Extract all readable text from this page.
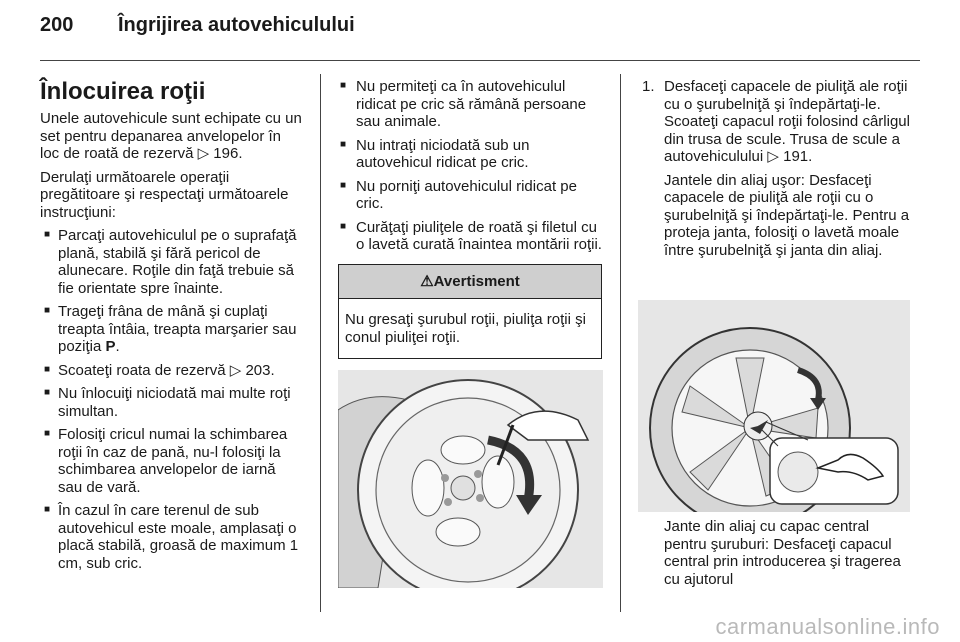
200 Îngrijirea autovehiculului
Înlocuirea roţii

Unele autovehicule sunt echipate cu un set pentru depanarea anvelopelor în loc de roată de rezervă ▷ 196.

Derulaţi următoarele operaţii pregătitoare şi respectaţi următoarele instrucţiuni:

■ Parcaţi autovehiculul pe o suprafaţă plană, stabilă şi fără pericol de alunecare. Roţile din faţă trebuie să fie orientate spre înainte.
■ Trageţi frâna de mână şi cuplaţi treapta întâia, treapta marşarier sau poziţia P.
■ Scoateţi roata de rezervă ▷ 203.
■ Nu înlocuiţi niciodată mai multe roţi simultan.
■ Folosiţi cricul numai la schimbarea roţii în caz de pană, nu-l folosiţi la schimbarea anvelopelor de iarnă sau de vară.
■ În cazul în care terenul de sub autovehicul este moale, amplasaţi o placă stabilă, groasă de maximum 1 cm, sub cric.
■ Nu permiteţi ca în autovehiculul ridicat pe cric să rămână persoane sau animale.
■ Nu intraţi niciodată sub un autovehicul ridicat pe cric.
■ Nu porniţi autovehiculul ridicat pe cric.
■ Curăţaţi piuliţele de roată şi filetul cu o lavetă curată înaintea montării roţii.
⚠Avertisment
Nu gresaţi şurubul roţii, piuliţa roţii şi conul piuliţei roţii.
1. Desfaceţi capacele de piuliţă ale roţii cu o şurubelniţă şi îndepărtaţi-le. Scoateţi capacul roţii folosind cârligul din trusa de scule. Trusa de scule a autovehiculului ▷ 191.

Jantele din aliaj uşor: Desfaceţi capacele de piuliţă ale roţii cu o şurubelniţă şi îndepărtaţi-le. Pentru a proteja janta, folosiţi o lavetă moale între şurubelniţă şi janta din aliaj.

Jante din aliaj cu capac central pentru şuruburi: Desfaceţi capacul central prin introducerea şi tragerea cu ajutorul
carmanualsonline.info
